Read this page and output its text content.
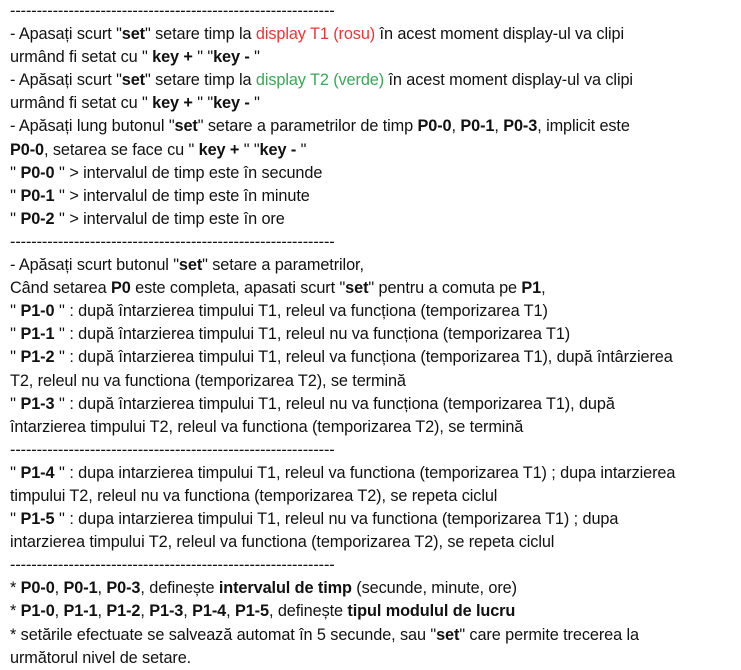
-------------------------------------------------------------
- Apasați scurt "set" setare timp la display T1 (rosu) în acest moment display-ul va clipi
urmând fi setat cu " key + " "key - "
- Apăsați scurt "set" setare timp la display T2 (verde) în acest moment display-ul va clipi
urmând fi setat cu " key + " "key - "
- Apăsați lung butonul "set" setare a parametrilor de timp P0-0, P0-1, P0-3, implicit este
P0-0, setarea se face cu " key + " "key - "
'' P0-0 '' > intervalul de timp este în secunde
'' P0-1 '' > intervalul de timp este în minute
'' P0-2 '' > intervalul de timp este în ore
-------------------------------------------------------------
- Apăsați scurt butonul "set" setare a parametrilor,
Când setarea P0 este completa, apasati scurt "set" pentru a comuta pe P1,
'' P1-0 '' : după întarzierea timpului T1, releul va funcționa (temporizarea T1)
'' P1-1 '' : după întarzierea timpului T1, releul nu va funcționa (temporizarea T1)
'' P1-2 '' : după întarzierea timpului T1, releul va funcționa (temporizarea T1), după întârzierea
T2, releul nu va functiona (temporizarea T2), se termină
'' P1-3 '' : după întarzierea timpului T1, releul nu va funcționa (temporizarea T1), după
întarzierea timpului T2, releul va functiona (temporizarea T2), se termină
-------------------------------------------------------------
'' P1-4 '' : dupa intarzierea timpului T1, releul va functiona (temporizarea T1) ; dupa intarzierea
timpului T2, releul nu va functiona (temporizarea T2), se repeta ciclul
'' P1-5 '' : dupa intarzierea timpului T1, releul nu va functiona (temporizarea T1) ; dupa
intarzierea timpului T2, releul va functiona (temporizarea T2), se repeta ciclul
-------------------------------------------------------------
* P0-0, P0-1, P0-3, definește intervalul de timp (secunde, minute, ore)
* P1-0, P1-1, P1-2, P1-3, P1-4, P1-5, definește tipul modulul de lucru
* setările efectuate se salvează automat în 5 secunde, sau "set" care permite trecerea la
următorul nivel de setare.
